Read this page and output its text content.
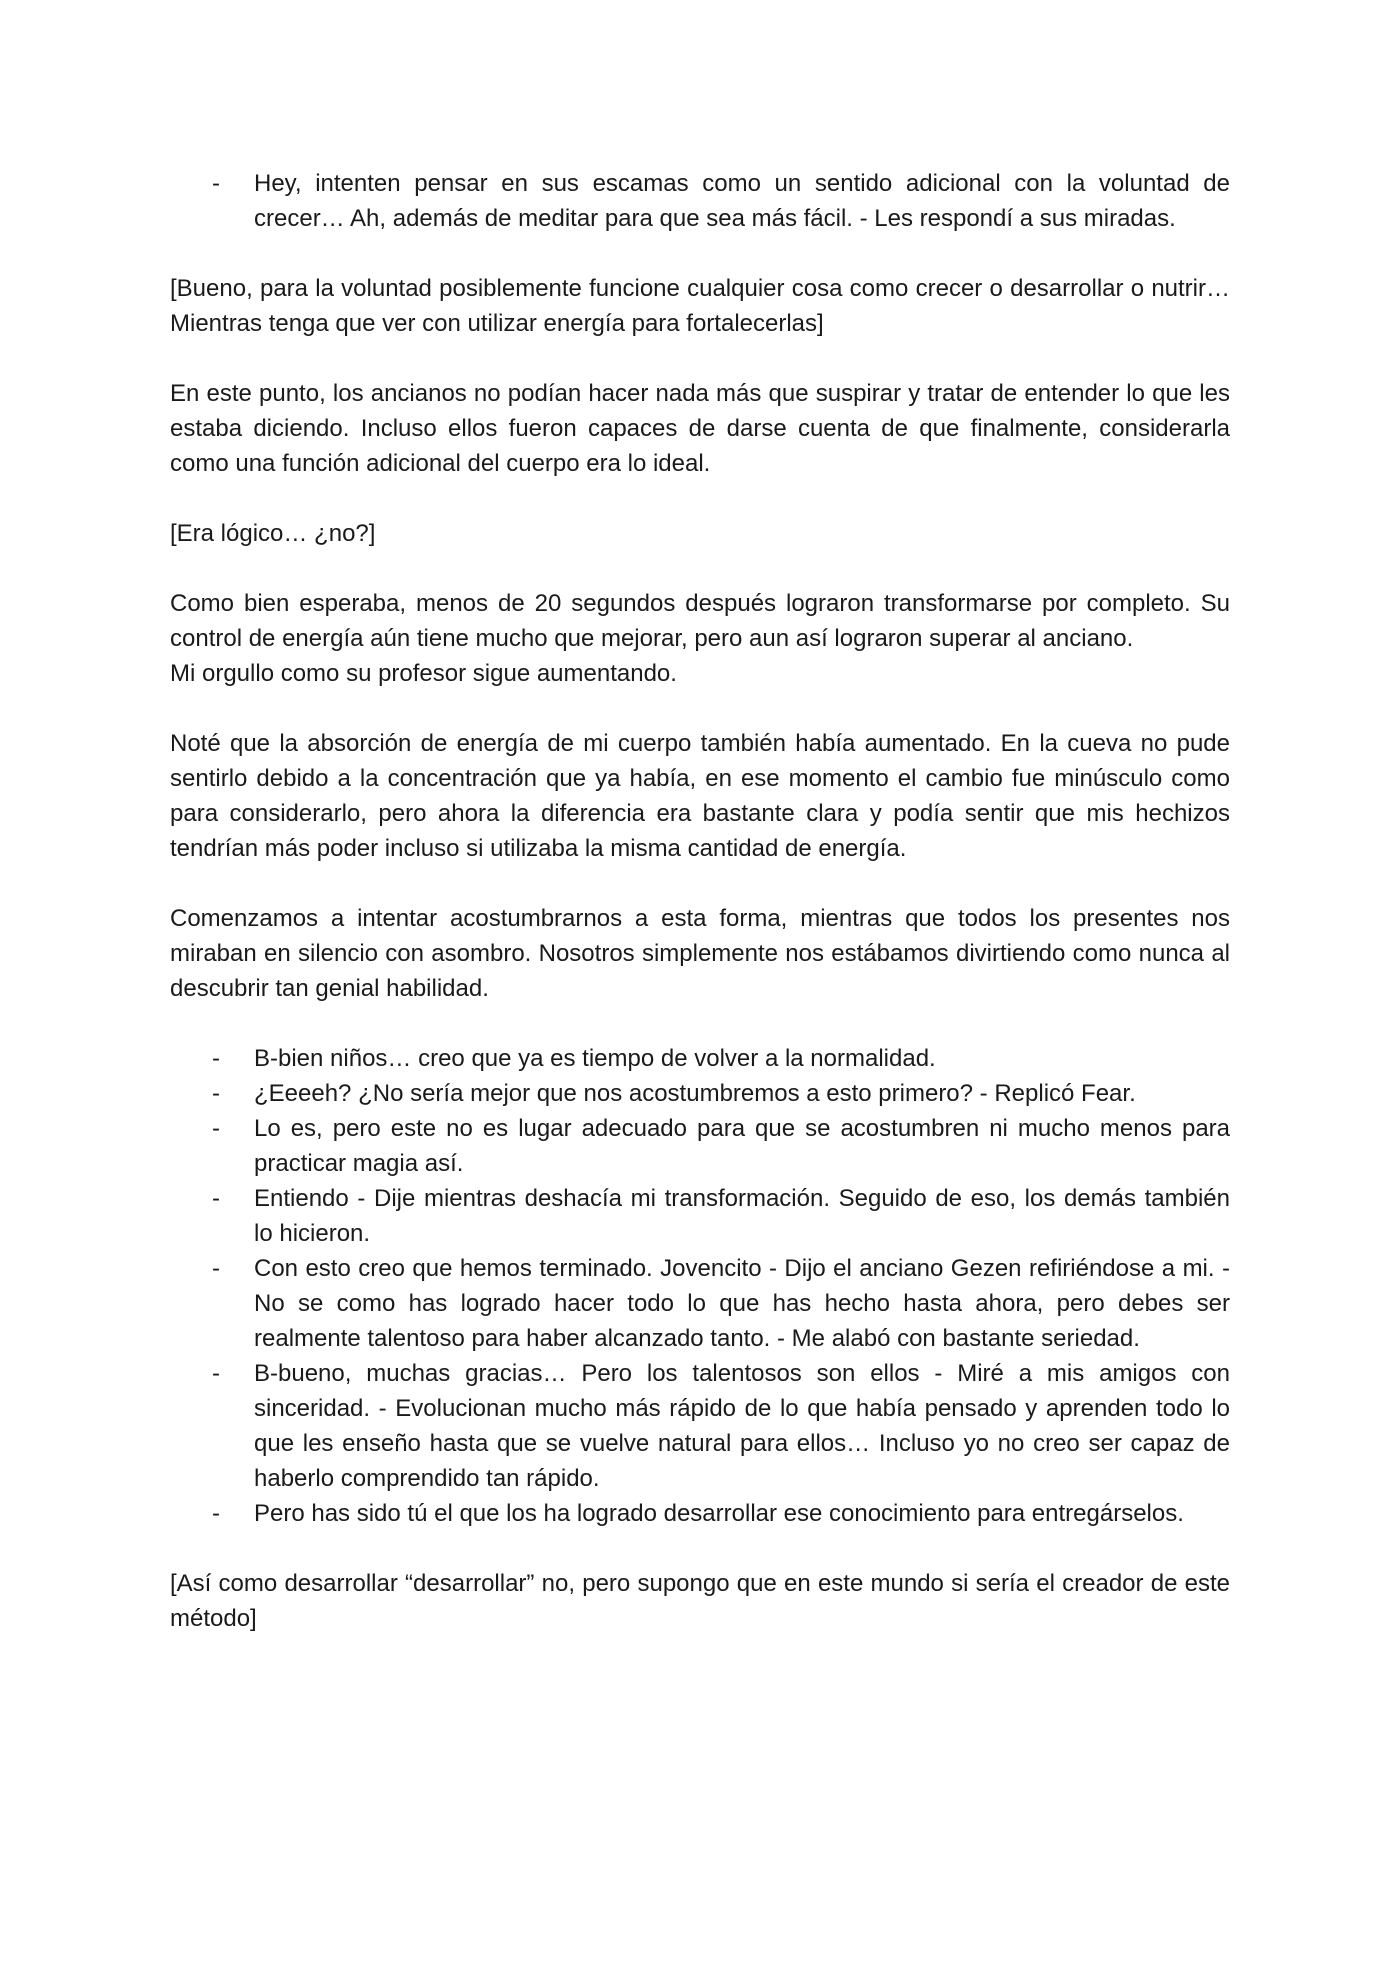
- Hey, intenten pensar en sus escamas como un sentido adicional con la voluntad de crecer… Ah, además de meditar para que sea más fácil. - Les respondí a sus miradas.

[Bueno, para la voluntad posiblemente funcione cualquier cosa como crecer o desarrollar o nutrir… Mientras tenga que ver con utilizar energía para fortalecerlas]

En este punto, los ancianos no podían hacer nada más que suspirar y tratar de entender lo que les estaba diciendo. Incluso ellos fueron capaces de darse cuenta de que finalmente, considerarla como una función adicional del cuerpo era lo ideal.

[Era lógico… ¿no?]

Como bien esperaba, menos de 20 segundos después lograron transformarse por completo. Su control de energía aún tiene mucho que mejorar, pero aun así lograron superar al anciano.

Mi orgullo como su profesor sigue aumentando.

Noté que la absorción de energía de mi cuerpo también había aumentado. En la cueva no pude sentirlo debido a la concentración que ya había, en ese momento el cambio fue minúsculo como para considerarlo, pero ahora la diferencia era bastante clara y podía sentir que mis hechizos tendrían más poder incluso si utilizaba la misma cantidad de energía.

Comenzamos a intentar acostumbrarnos a esta forma, mientras que todos los presentes nos miraban en silencio con asombro. Nosotros simplemente nos estábamos divirtiendo como nunca al descubrir tan genial habilidad.

- B-bien niños… creo que ya es tiempo de volver a la normalidad.
- ¿Eeeeh? ¿No sería mejor que nos acostumbremos a esto primero? - Replicó Fear.
- Lo es, pero este no es lugar adecuado para que se acostumbren ni mucho menos para practicar magia así.
- Entiendo - Dije mientras deshacía mi transformación. Seguido de eso, los demás también lo hicieron.
- Con esto creo que hemos terminado. Jovencito - Dijo el anciano Gezen refiriéndose a mi. - No se como has logrado hacer todo lo que has hecho hasta ahora, pero debes ser realmente talentoso para haber alcanzado tanto. - Me alabó con bastante seriedad.
- B-bueno, muchas gracias… Pero los talentosos son ellos - Miré a mis amigos con sinceridad. - Evolucionan mucho más rápido de lo que había pensado y aprenden todo lo que les enseño hasta que se vuelve natural para ellos… Incluso yo no creo ser capaz de haberlo comprendido tan rápido.
- Pero has sido tú el que los ha logrado desarrollar ese conocimiento para entregárselos.

[Así como desarrollar “desarrollar” no, pero supongo que en este mundo si sería el creador de este método]
